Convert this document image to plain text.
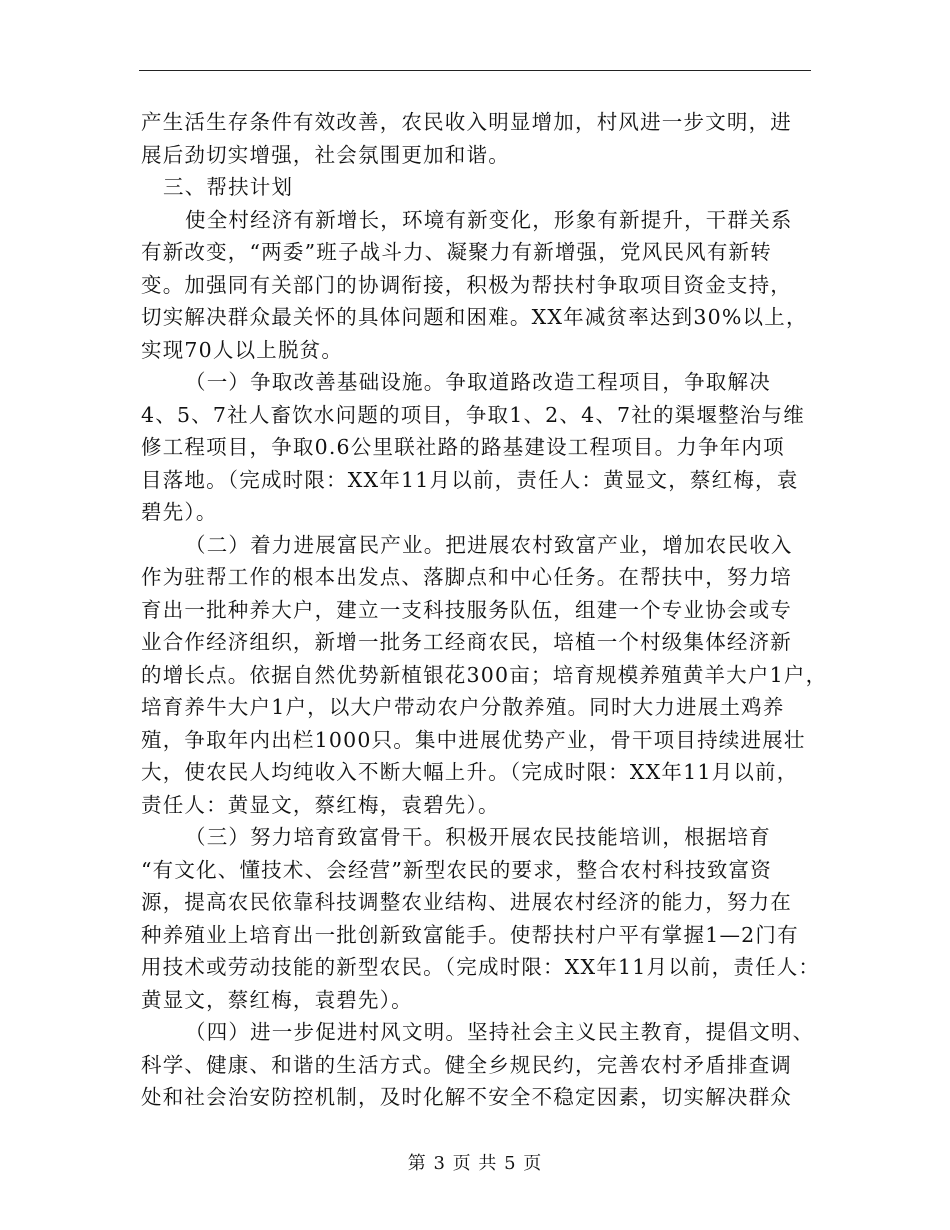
产生活生存条件有效改善，农民收入明显增加，村风进一步文明，进
展后劲切实增强，社会氛围更加和谐。
三、帮扶计划
使全村经济有新增长，环境有新变化，形象有新提升，干群关系
有新改变，“两委”班子战斗力、凝聚力有新增强，党风民风有新转
变。加强同有关部门的协调衔接，积极为帮扶村争取项目资金支持，
切实解决群众最关怀的具体问题和困难。XX年减贫率达到30%以上，
实现70人以上脱贫。
（一）争取改善基础设施。争取道路改造工程项目，争取解决
4、5、7社人畜饮水问题的项目，争取1、2、4、7社的渠堰整治与维
修工程项目，争取0.6公里联社路的路基建设工程项目。力争年内项
目落地。（完成时限：XX年11月以前，责任人：黄显文，蔡红梅，袁
碧先）。
（二）着力进展富民产业。把进展农村致富产业，增加农民收入
作为驻帮工作的根本出发点、落脚点和中心任务。在帮扶中，努力培
育出一批种养大户，建立一支科技服务队伍，组建一个专业协会或专
业合作经济组织，新增一批务工经商农民，培植一个村级集体经济新
的增长点。依据自然优势新植银花300亩；培育规模养殖黄羊大户1户，
培育养牛大户1户，以大户带动农户分散养殖。同时大力进展土鸡养
殖，争取年内出栏1000只。集中进展优势产业，骨干项目持续进展壮
大，使农民人均纯收入不断大幅上升。（完成时限：XX年11月以前，
责任人：黄显文，蔡红梅，袁碧先）。
（三）努力培育致富骨干。积极开展农民技能培训，根据培育
“有文化、懂技术、会经营”新型农民的要求，整合农村科技致富资
源，提高农民依靠科技调整农业结构、进展农村经济的能力，努力在
种养殖业上培育出一批创新致富能手。使帮扶村户平有掌握1—2门有
用技术或劳动技能的新型农民。（完成时限：XX年11月以前，责任人：
黄显文，蔡红梅，袁碧先）。
（四）进一步促进村风文明。坚持社会主义民主教育，提倡文明、
科学、健康、和谐的生活方式。健全乡规民约，完善农村矛盾排查调
处和社会治安防控机制，及时化解不安全不稳定因素，切实解决群众
第 3 页 共 5 页
